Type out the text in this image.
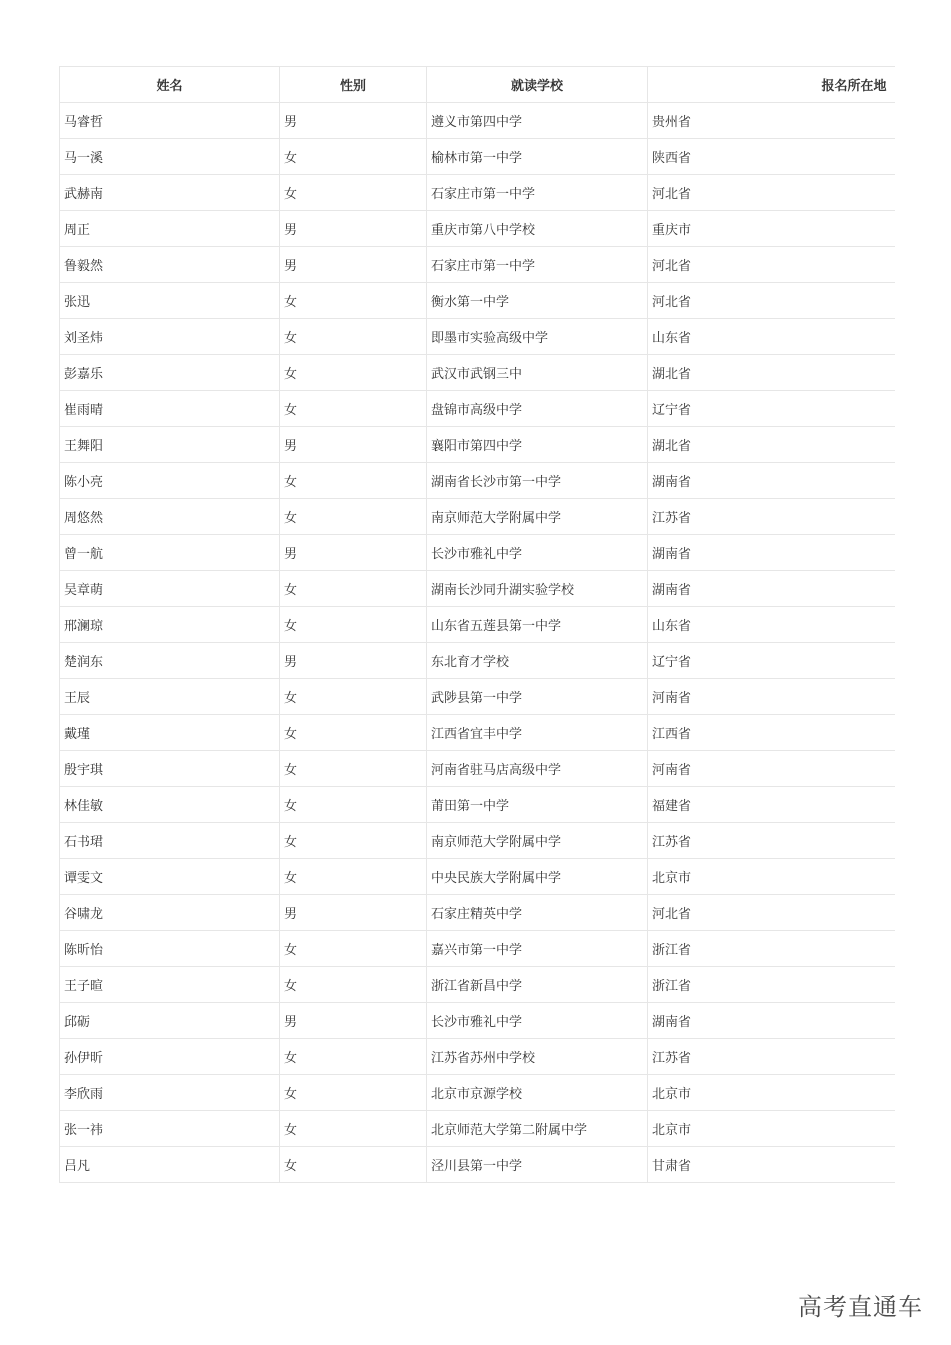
姓名	性别	就读学校	报名所在地
马睿哲	男	遵义市第四中学	贵州省
马一溪	女	榆林市第一中学	陕西省
武赫南	女	石家庄市第一中学	河北省
周正	男	重庆市第八中学校	重庆市
鲁毅然	男	石家庄市第一中学	河北省
张迅	女	衡水第一中学	河北省
刘圣炜	女	即墨市实验高级中学	山东省
彭嘉乐	女	武汉市武钢三中	湖北省
崔雨晴	女	盘锦市高级中学	辽宁省
王舞阳	男	襄阳市第四中学	湖北省
陈小亮	女	湖南省长沙市第一中学	湖南省
周悠然	女	南京师范大学附属中学	江苏省
曾一航	男	长沙市雅礼中学	湖南省
吴章萌	女	湖南长沙同升湖实验学校	湖南省
邢澜琼	女	山东省五莲县第一中学	山东省
楚润东	男	东北育才学校	辽宁省
王辰	女	武陟县第一中学	河南省
戴瑾	女	江西省宜丰中学	江西省
殷宇琪	女	河南省驻马店高级中学	河南省
林佳敏	女	莆田第一中学	福建省
石书珺	女	南京师范大学附属中学	江苏省
谭雯文	女	中央民族大学附属中学	北京市
谷啸龙	男	石家庄精英中学	河北省
陈昕怡	女	嘉兴市第一中学	浙江省
王子暄	女	浙江省新昌中学	浙江省
邱砺	男	长沙市雅礼中学	湖南省
孙伊昕	女	江苏省苏州中学校	江苏省
李欣雨	女	北京市京源学校	北京市
张一祎	女	北京师范大学第二附属中学	北京市
吕凡	女	泾川县第一中学	甘肃省
高考直通车
